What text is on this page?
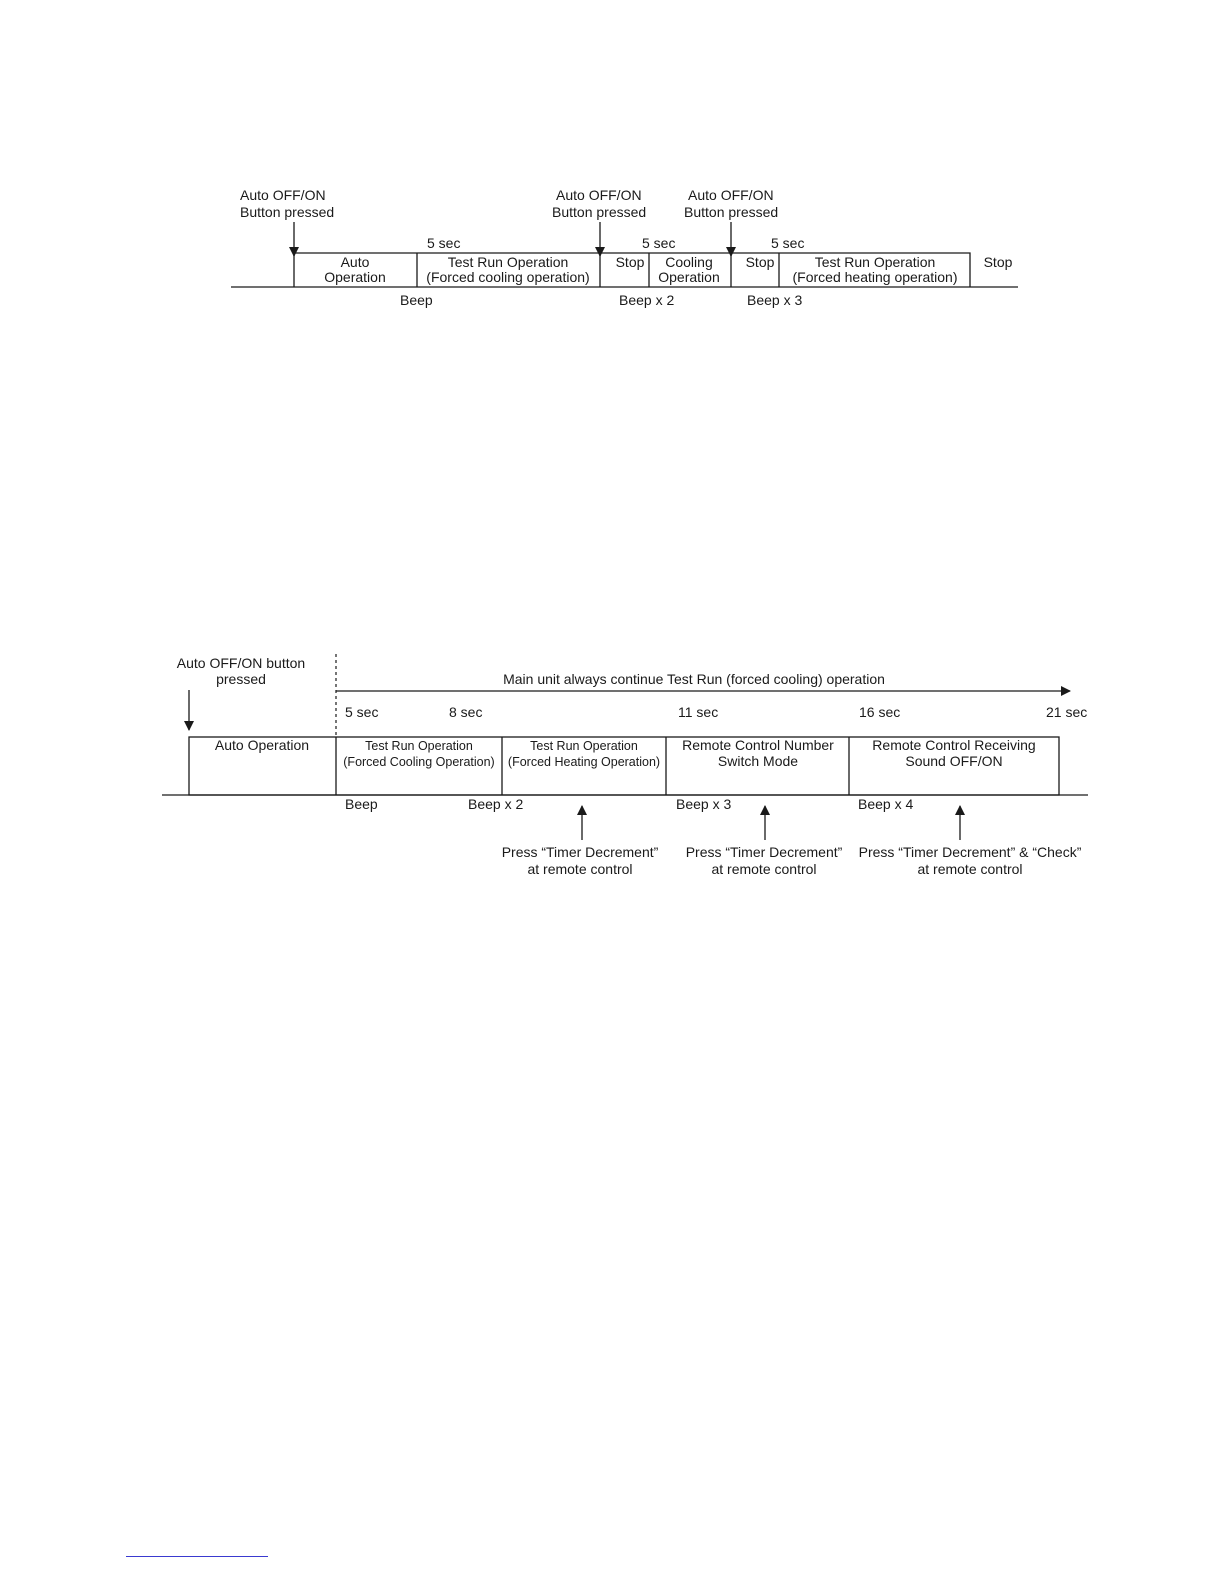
Auto OFF/ON
Button pressed
Auto OFF/ON
Button pressed
Auto OFF/ON
Button pressed
5 sec	5 sec	5 sec
Auto
Operation
Test Run Operation
(Forced cooling operation)
Stop Cooling
Operation
Stop	Test Run Operation
(Forced heating operation)
Stop
Beep	Beep x 2	Beep x 3
Auto OFF/ON button
pressed	Main unit always continue Test Run (forced cooling) operation
5 sec	8 sec	11 sec	16 sec	21 sec
Auto Operation	Test Run Operation
(Forced Cooling Operation)
Test Run Operation
(Forced Heating Operation)
Remote Control Number
Switch Mode
Remote Control Receiving
Sound OFF/ON
Beep	Beep x 2	Beep x 3	Beep x 4
Press “Timer Decrement”
at remote control
Press “Timer Decrement”
at remote control
Press “Timer Decrement” & “Check”
at remote control
